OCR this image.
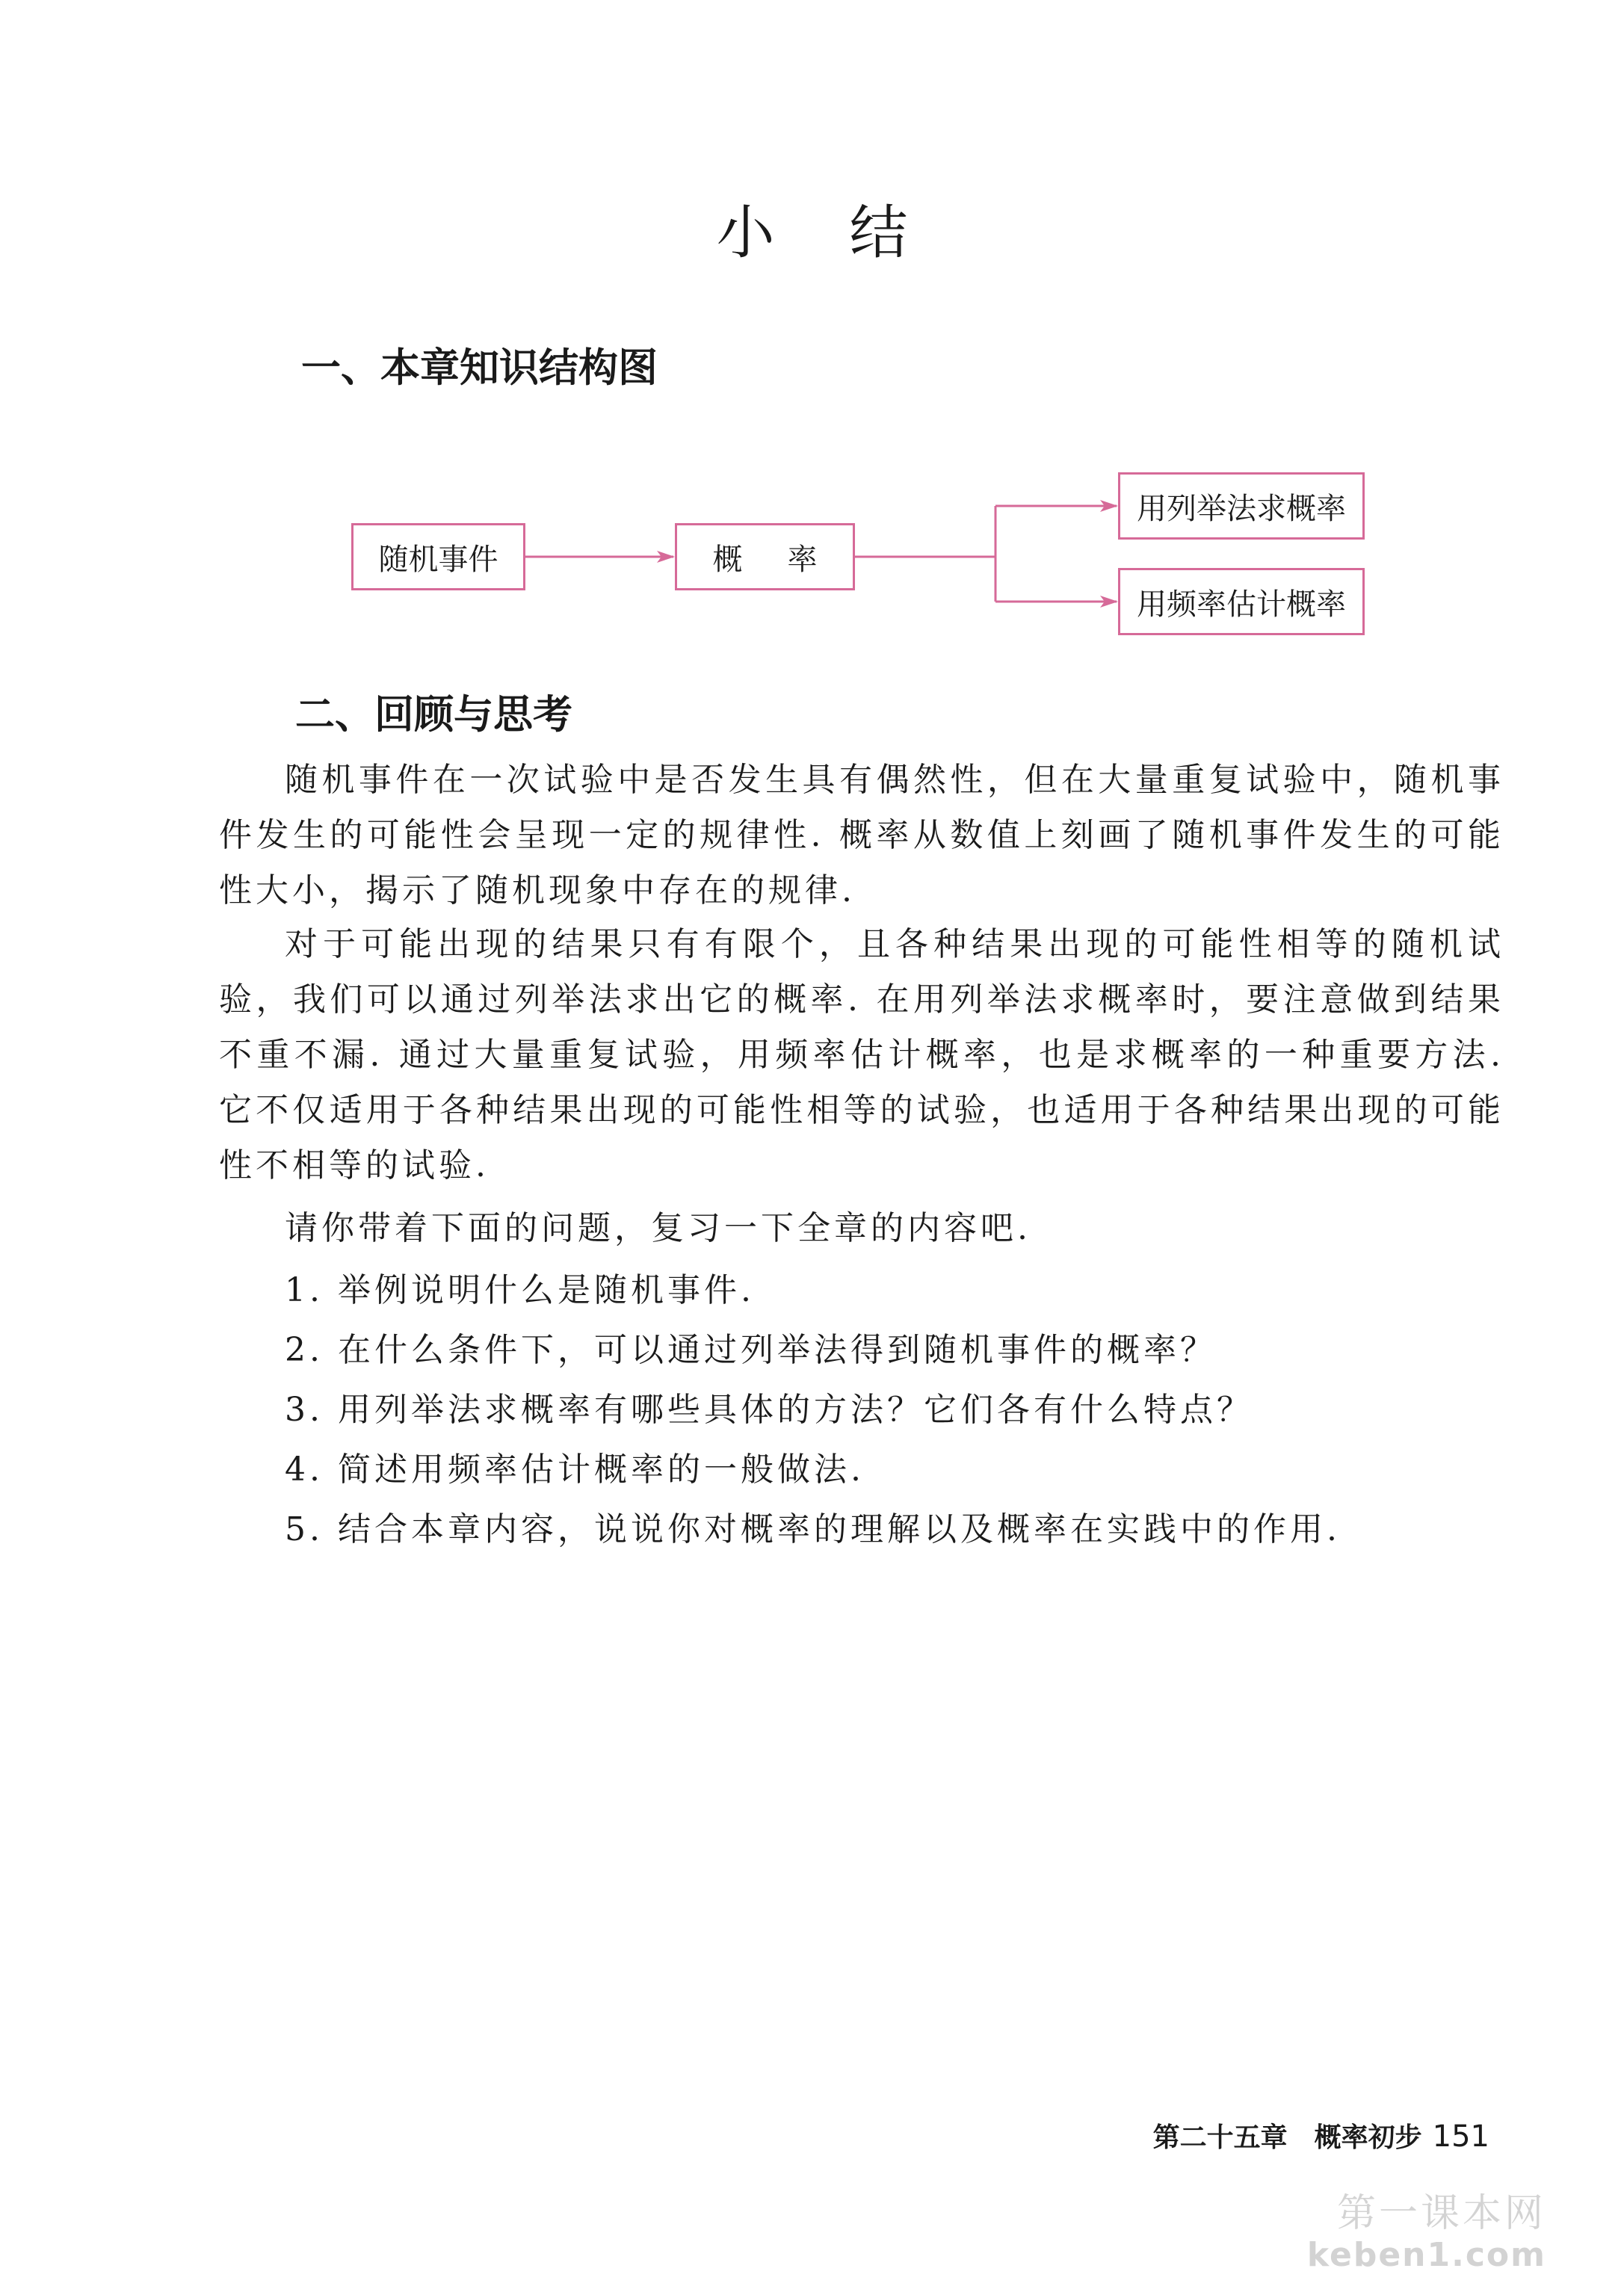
小结
一、本章知识结构图
随机事件	概率
用列举法求概率
用频率估计概率
二、回顾与思考

随机事件在一次试验中是否发生具有偶然性，但在大量重复试验中，随机事件发生的可能性会呈现一定的规律性. 概率从数值上刻画了随机事件发生的可能性大小，揭示了随机现象中存在的规律.

对于可能出现的结果只有有限个，且各种结果出现的可能性相等的随机试验，我们可以通过列举法求出它的概率. 在用列举法求概率时，要注意做到结果不重不漏. 通过大量重复试验，用频率估计概率，也是求概率的一种重要方法. 它不仅适用于各种结果出现的可能性相等的试验，也适用于各种结果出现的可能性不相等的试验.

请你带着下面的问题，复习一下全章的内容吧.

1. 举例说明什么是随机事件.
2. 在什么条件下，可以通过列举法得到随机事件的概率？
3. 用列举法求概率有哪些具体的方法？它们各有什么特点？
4. 简述用频率估计概率的一般做法.
5. 结合本章内容，说说你对概率的理解以及概率在实践中的作用.
第二十五章　概率初步 151
第一课本网
keben1.com
